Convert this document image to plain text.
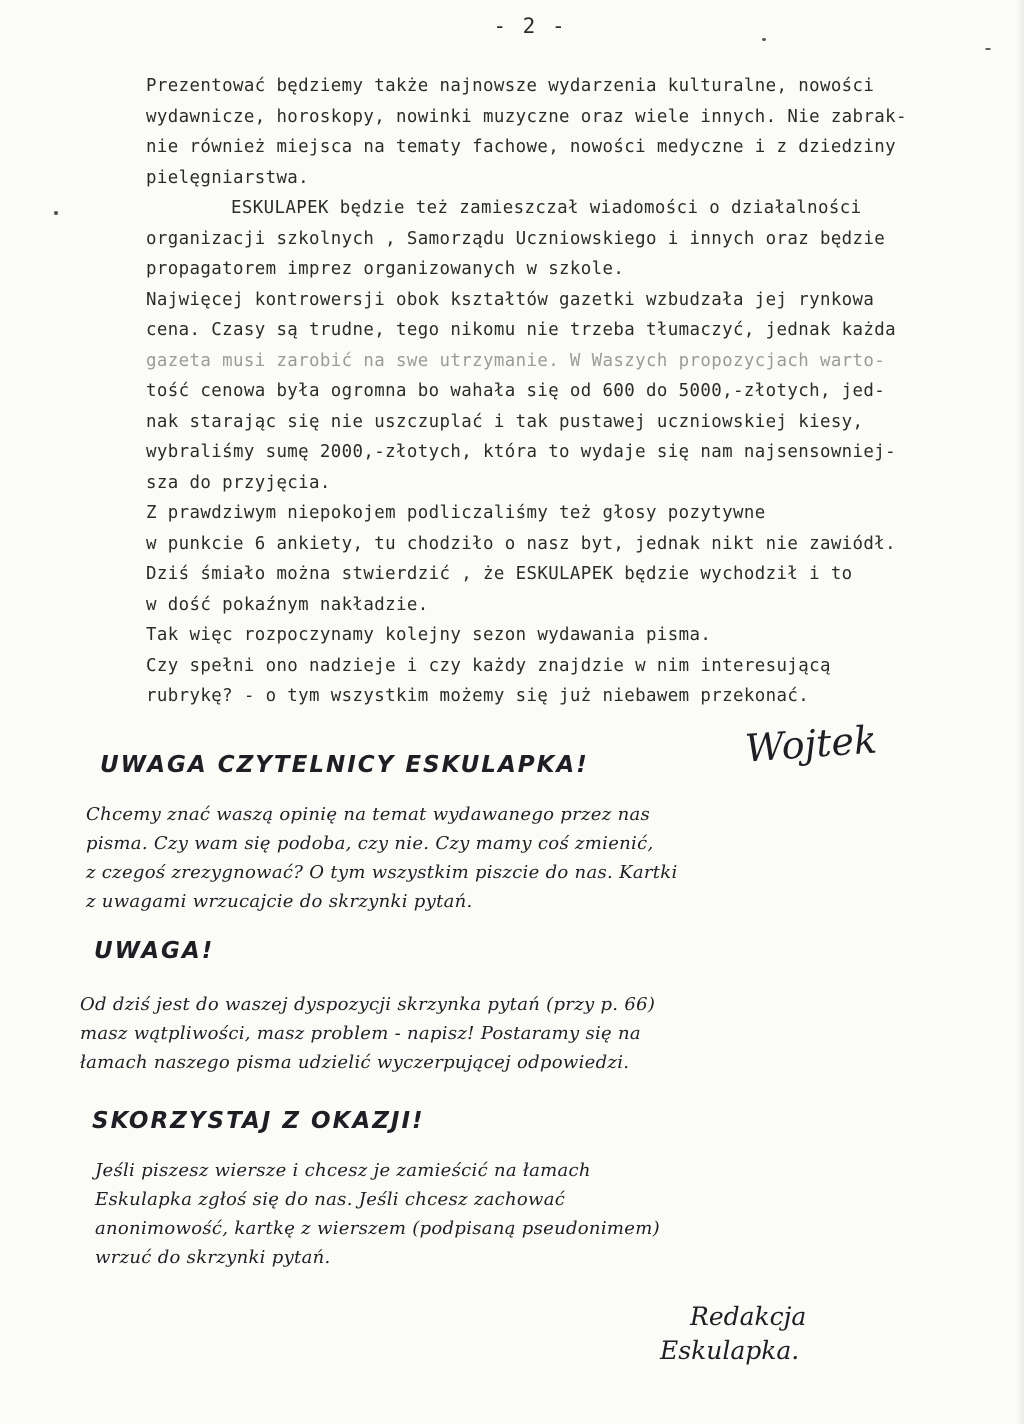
- 2 -

Prezentować będziemy także najnowsze wydarzenia kulturalne, nowości

wydawnicze, horoskopy, nowinki muzyczne oraz wiele innych. Nie zabrak-

nie również miejsca na tematy fachowe, nowości medyczne i z dziedziny

pielęgniarstwa.

ESKULAPEK będzie też zamieszczał wiadomości o działalności

organizacji szkolnych , Samorządu Uczniowskiego i innych oraz będzie

propagatorem imprez organizowanych w szkole.

Najwięcej kontrowersji obok kształtów gazetki wzbudzała jej rynkowa

cena. Czasy są trudne, tego nikomu nie trzeba tłumaczyć, jednak każda

gazeta musi zarobić na swe utrzymanie. W Waszych propozycjach warto-

tość cenowa była ogromna bo wahała się od 600 do 5000,-złotych, jed-

nak starając się nie uszczuplać i tak pustawej uczniowskiej kiesy,

wybraliśmy sumę 2000,-złotych, która to wydaje się nam najsensowniej-

sza do przyjęcia.

Z prawdziwym niepokojem podliczaliśmy też głosy pozytywne

w punkcie 6 ankiety, tu chodziło o nasz byt, jednak nikt nie zawiódł.

Dziś śmiało można stwierdzić , że ESKULAPEK będzie wychodził i to

w dość pokaźnym nakładzie.

Tak więc rozpoczynamy kolejny sezon wydawania pisma.

Czy spełni ono nadzieje i czy każdy znajdzie w nim interesującą

rubrykę? - o tym wszystkim możemy się już niebawem przekonać.

UWAGA CZYTELNICY ESKULAPKA!	Wojtek

Chcemy znać waszą opinię na temat wydawanego przez nas

pisma. Czy wam się podoba, czy nie. Czy mamy coś zmienić,

z czegoś zrezygnować? O tym wszystkim piszcie do nas. Kartki

z uwagami wrzucajcie do skrzynki pytań.

UWAGA!

Od dziś jest do waszej dyspozycji skrzynka pytań (przy p. 66)

masz wątpliwości, masz problem - napisz! Postaramy się na

łamach naszego pisma udzielić wyczerpującej odpowiedzi.

SKORZYSTAJ Z OKAZJI!

Jeśli piszesz wiersze i chcesz je zamieścić na łamach

Eskulapka zgłoś się do nas. Jeśli chcesz zachować

anonimowość, kartkę z wierszem (podpisaną pseudonimem)

wrzuć do skrzynki pytań.

Redakcja
Eskulapka.
